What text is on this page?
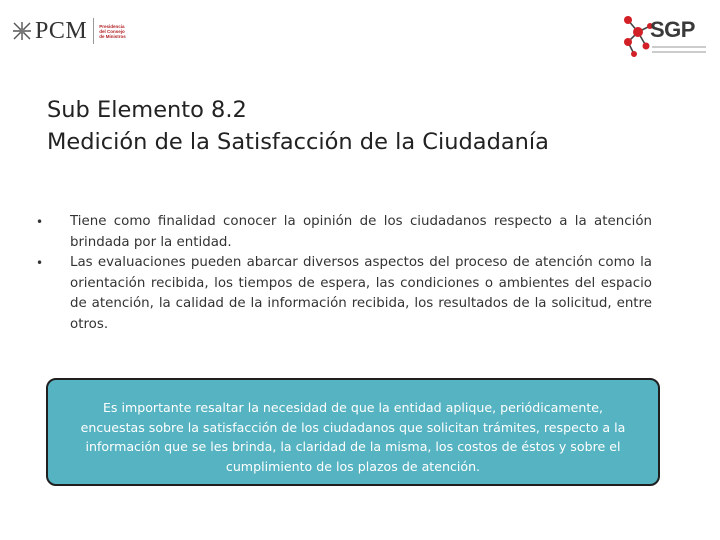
PCM	Presidencia
del Consejo
de Ministros	SGP
Sub Elemento 8.2
Medición de la Satisfacción de la Ciudadanía
• Tiene como finalidad conocer la opinión de los ciudadanos respecto a la atención brindada por la entidad.
• Las evaluaciones pueden abarcar diversos aspectos del proceso de atención como la orientación recibida, los tiempos de espera, las condiciones o ambientes del espacio de atención, la calidad de la información recibida, los resultados de la solicitud, entre otros.
Es importante resaltar la necesidad de que la entidad aplique, periódicamente, encuestas sobre la satisfacción de los ciudadanos que solicitan trámites, respecto a la información que se les brinda, la claridad de la misma, los costos de éstos y sobre el cumplimiento de los plazos de atención.
